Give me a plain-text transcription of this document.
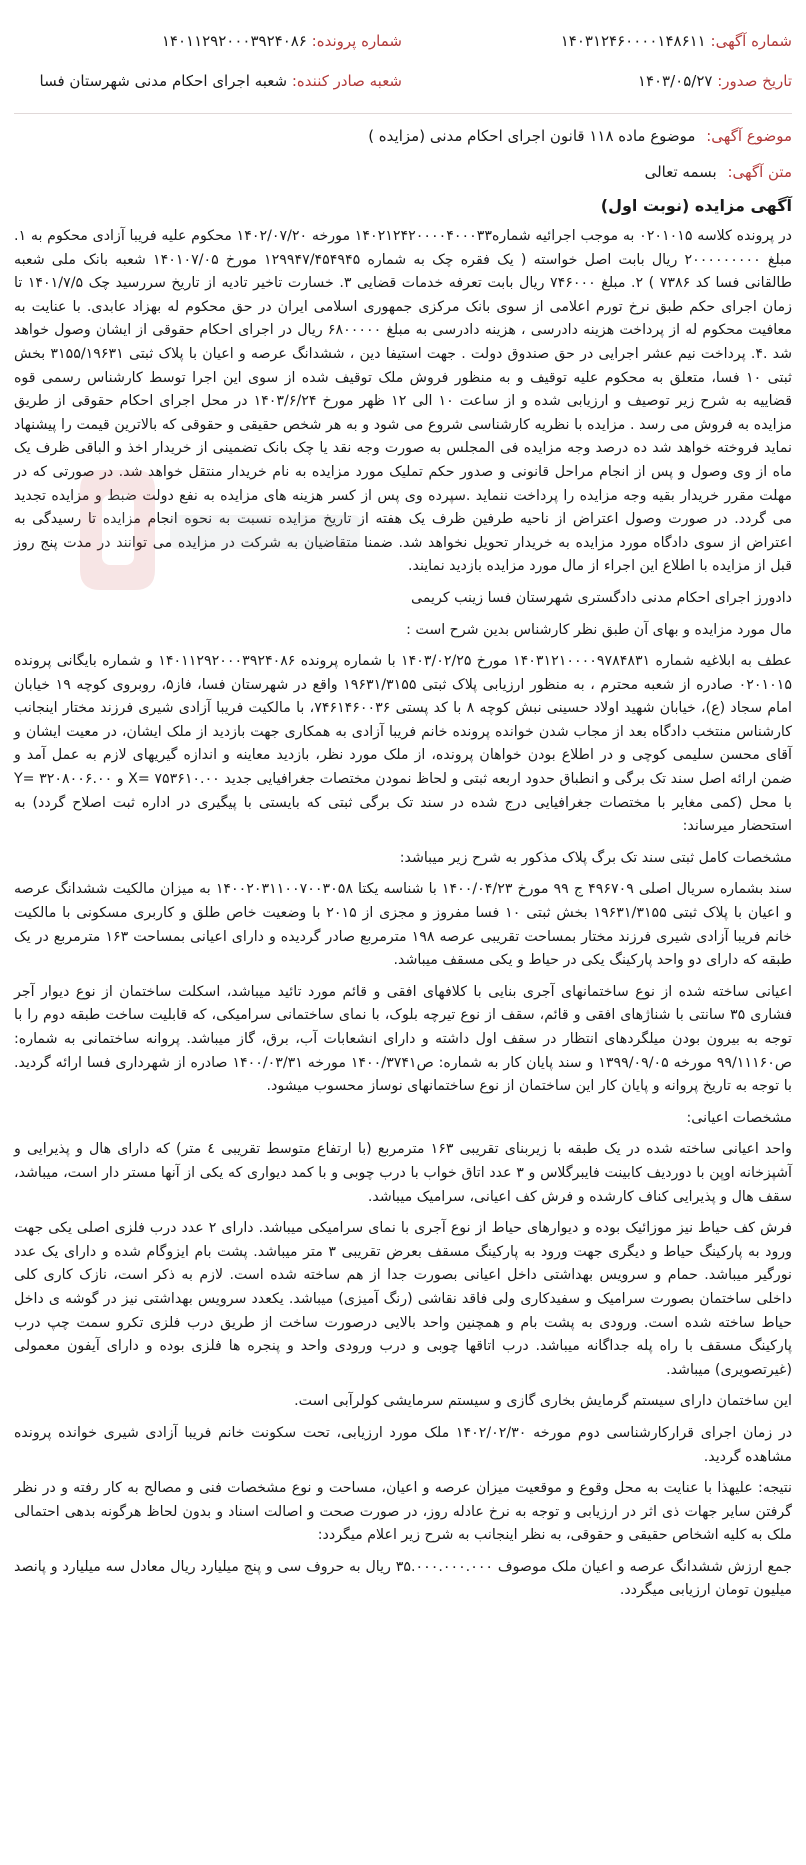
شماره آگهی: ۱۴۰۳۱۲۴۶۰۰۰۰۱۴۸۶۱۱
شماره پرونده: ۱۴۰۱۱۲۹۲۰۰۰۳۹۲۴۰۸۶
تاریخ صدور: ۱۴۰۳/۰۵/۲۷
شعبه صادر کننده: شعبه اجرای احکام مدنی شهرستان فسا
موضوع آگهی: موضوع ماده ۱۱۸ قانون اجرای احکام مدنی (مزایده )
متن آگهی: بسمه تعالی
آگهی مزایده (نوبت اول)
در پرونده کلاسه ۰۲۰۱۰۱۵ به موجب اجرائیه شماره۱۴۰۲۱۲۴۲۰۰۰۰۴۰۰۰۳۳ مورخه ۱۴۰۲/۰۷/۲۰ محکوم علیه فریبا آزادی محکوم به ۱. مبلغ ۲۰۰۰۰۰۰۰۰۰ ریال بابت اصل خواسته ( یک فقره چک به شماره ۱۲۹۹۴۷/۴۵۴۹۴۵ مورخ ۱۴۰۱۰۷/۰۵ شعبه بانک ملی شعبه طالقانی فسا کد ۷۳۸۶ ) ۲. مبلغ ۷۴۶۰۰۰ ریال بابت تعرفه خدمات قضایی ۳. خسارت تاخیر تادیه از تاریخ سررسید چک ۱۴۰۱/۷/۵ تا زمان اجرای حکم طبق نرخ تورم اعلامی از سوی بانک مرکزی جمهوری اسلامی ایران در حق محکوم له بهزاد عابدی. با عنایت به معافیت محکوم له از پرداخت هزینه دادرسی ، هزینه دادرسی به مبلغ ۶۸۰۰۰۰۰ ریال در اجرای احکام حقوقی از ایشان وصول خواهد شد .۴. پرداخت نیم عشر اجرایی در حق صندوق دولت . جهت استیفا دین ، ششدانگ عرصه و اعیان با پلاک ثبتی ۳۱۵۵/۱۹۶۳۱ بخش ثبتی ۱۰ فسا، متعلق به محکوم علیه توقیف و به منظور فروش ملک توقیف شده از سوی این اجرا توسط کارشناس رسمی قوه قضاییه به شرح زیر توصیف و ارزیابی شده و از ساعت ۱۰ الی ۱۲ ظهر مورخ ۱۴۰۳/۶/۲۴ در محل اجرای احکام حقوقی از طریق مزایده به فروش می رسد . مزایده با نظریه کارشناسی شروع می شود و به هر شخص حقیقی و حقوقی که بالاترین قیمت را پیشنهاد نماید فروخته خواهد شد ده درصد وجه مزایده فی المجلس به صورت وجه نقد یا چک بانک تضمینی از خریدار اخذ و الباقی ظرف یک ماه از وی وصول و پس از انجام مراحل قانونی و صدور حکم تملیک مورد مزایده به نام خریدار منتقل خواهد شد. در صورتی که در مهلت مقرر خریدار بقیه وجه مزایده را پرداخت ننماید .سپرده وی پس از کسر هزینه های مزایده به نفع دولت ضبط و مزایده تجدید می گردد. در صورت وصول اعتراض از ناحیه طرفین ظرف یک هفته از تاریخ مزایده نسبت به نحوه انجام مزایده تا رسیدگی به اعتراض از سوی دادگاه مورد مزایده به خریدار تحویل نخواهد شد. ضمنا متقاضیان به شرکت در مزایده می توانند در مدت پنج روز قبل از مزایده با اطلاع این اجراء از مال مورد مزایده بازدید نمایند.
دادورز اجرای احکام مدنی دادگستری شهرستان فسا زینب کریمی
مال مورد مزایده و بهای آن طبق نظر کارشناس بدین شرح است :
عطف به ابلاغیه شماره ۱۴۰۳۱۲۱۰۰۰۰۹۷۸۴۸۳۱ مورخ ۱۴۰۳/۰۲/۲۵ با شماره پرونده ۱۴۰۱۱۲۹۲۰۰۰۳۹۲۴۰۸۶ و شماره بایگانی پرونده ۰۲۰۱۰۱۵ صادره از شعبه محترم ، به منظور ارزیابی پلاک ثبتی ۱۹۶۳۱/۳۱۵۵ واقع در شهرستان فسا، فاز۵، روبروی کوچه ۱۹ خیابان امام سجاد (ع)، خیابان شهید اولاد حسینی نبش کوچه ۸ با کد پستی ۷۴۶۱۴۶۰۰۳۶، با مالکیت فریبا آزادی شیری فرزند مختار اینجانب کارشناس منتخب دادگاه بعد از مجاب شدن خوانده پرونده خانم فریبا آزادی به همکاری جهت بازدید از ملک ایشان، در معیت ایشان و آقای محسن سلیمی کوچی و در اطلاع بودن خواهان پرونده، از ملک مورد نظر، بازدید معاینه و اندازه گیریهای لازم به عمل آمد و ضمن ارائه اصل سند تک برگی و انطباق حدود اربعه ثبتی و لحاظ نمودن مختصات جغرافیایی جدید X= ۷۵۳۶۱۰.۰۰ و Y= ۳۲۰۸۰۰۶.۰۰ با محل (کمی مغایر با مختصات جغرافیایی درج شده در سند تک برگی ثبتی که بایستی با پیگیری در اداره ثبت اصلاح گردد) به استحضار میرساند:
مشخصات کامل ثبتی سند تک برگ پلاک مذکور به شرح زیر میباشد:
سند بشماره سریال اصلی ۴۹۶۷۰۹ ج ۹۹ مورخ ۱۴۰۰/۰۴/۲۳ با شناسه یکتا ۱۴۰۰۲۰۳۱۱۰۰۷۰۰۳۰۵۸ به میزان مالکیت ششدانگ عرصه و اعیان با پلاک ثبتی ۱۹۶۳۱/۳۱۵۵ بخش ثبتی ۱۰ فسا مفروز و مجزی از ۲۰۱۵ با وضعیت خاص طلق و کاربری مسکونی با مالکیت خانم فریبا آزادی شیری فرزند مختار بمساحت تقریبی عرصه ۱۹۸ مترمربع صادر گردیده و دارای اعیانی بمساحت ۱۶۳ مترمربع در یک طبقه که دارای دو واحد پارکینگ یکی در حیاط و یکی مسقف میباشد.
اعیانی ساخته شده از نوع ساختمانهای آجری بنایی با کلافهای افقی و قائم مورد تائید میباشد، اسکلت ساختمان از نوع دیوار آجر فشاری ۳۵ سانتی با شناژهای افقی و قائم، سقف از نوع تیرچه بلوک، با نمای ساختمانی سرامیکی، که قابلیت ساخت طبقه دوم را با توجه به بیرون بودن میلگردهای انتظار در سقف اول داشته و دارای انشعابات آب، برق، گاز میباشد. پروانه ساختمانی به شماره: ص۹۹/۱۱۱۶۰ مورخه ۱۳۹۹/۰۹/۰۵ و سند پایان کار به شماره: ص۱۴۰۰/۳۷۴۱ مورخه ۱۴۰۰/۰۳/۳۱ صادره از شهرداری فسا ارائه گردید. با توجه به تاریخ پروانه و پایان کار این ساختمان از نوع ساختمانهای نوساز محسوب میشود.
مشخصات اعیانی:
واحد اعیانی ساخته شده در یک طبقه با زیربنای تقریبی ۱۶۳ مترمربع (با ارتفاع متوسط تقریبی ٤ متر) که دارای هال و پذیرایی و آشپزخانه اوپن با دوردیف کابینت فایبرگلاس و ۳ عدد اتاق خواب با درب چوبی و با کمد دیواری که یکی از آنها مستر دار است، میباشد، سقف هال و پذیرایی کناف کارشده و فرش کف اعیانی، سرامیک میباشد.
فرش کف حیاط نیز موزائیک بوده و دیوارهای حیاط از نوع آجری با نمای سرامیکی میباشد. دارای ۲ عدد درب فلزی اصلی یکی جهت ورود به پارکینگ حیاط و دیگری جهت ورود به پارکینگ مسقف بعرض تقریبی ۳ متر میباشد. پشت بام ایزوگام شده و دارای یک عدد نورگیر میباشد. حمام و سرویس بهداشتی داخل اعیانی بصورت جدا از هم ساخته شده است. لازم به ذکر است، نازک کاری کلی داخلی ساختمان بصورت سرامیک و سفیدکاری ولی فاقد نقاشی (رنگ آمیزی) میباشد. یکعدد سرویس بهداشتی نیز در گوشه ی داخل حیاط ساخته شده است. ورودی به پشت بام و همچنین واحد بالایی درصورت ساخت از طریق درب فلزی تکرو سمت چپ درب پارکینگ مسقف با راه پله جداگانه میباشد. درب اتاقها چوبی و درب ورودی واحد و پنجره ها فلزی بوده و دارای آیفون معمولی (غیرتصویری) میباشد.
این ساختمان دارای سیستم گرمایش بخاری گازی و سیستم سرمایشی کولرآبی است.
در زمان اجرای قرارکارشناسی دوم مورخه ۱۴۰۲/۰۲/۳۰ ملک مورد ارزیابی، تحت سکونت خانم فریبا آزادی شیری خوانده پرونده مشاهده گردید.
نتیجه: علیهذا با عنایت به محل وقوع و موقعیت میزان عرصه و اعیان، مساحت و نوع مشخصات فنی و مصالح به کار رفته و در نظر گرفتن سایر جهات ذی اثر در ارزیابی و توجه به نرخ عادله روز، در صورت صحت و اصالت اسناد و بدون لحاظ هرگونه بدهی احتمالی ملک به کلیه اشخاص حقیقی و حقوقی، به نظر اینجانب به شرح زیر اعلام میگردد:
جمع ارزش ششدانگ عرصه و اعیان ملک موصوف ۳۵.۰۰۰.۰۰۰.۰۰۰ ریال به حروف سی و پنج میلیارد ریال معادل سه میلیارد و پانصد میلیون تومان ارزیابی میگردد.
